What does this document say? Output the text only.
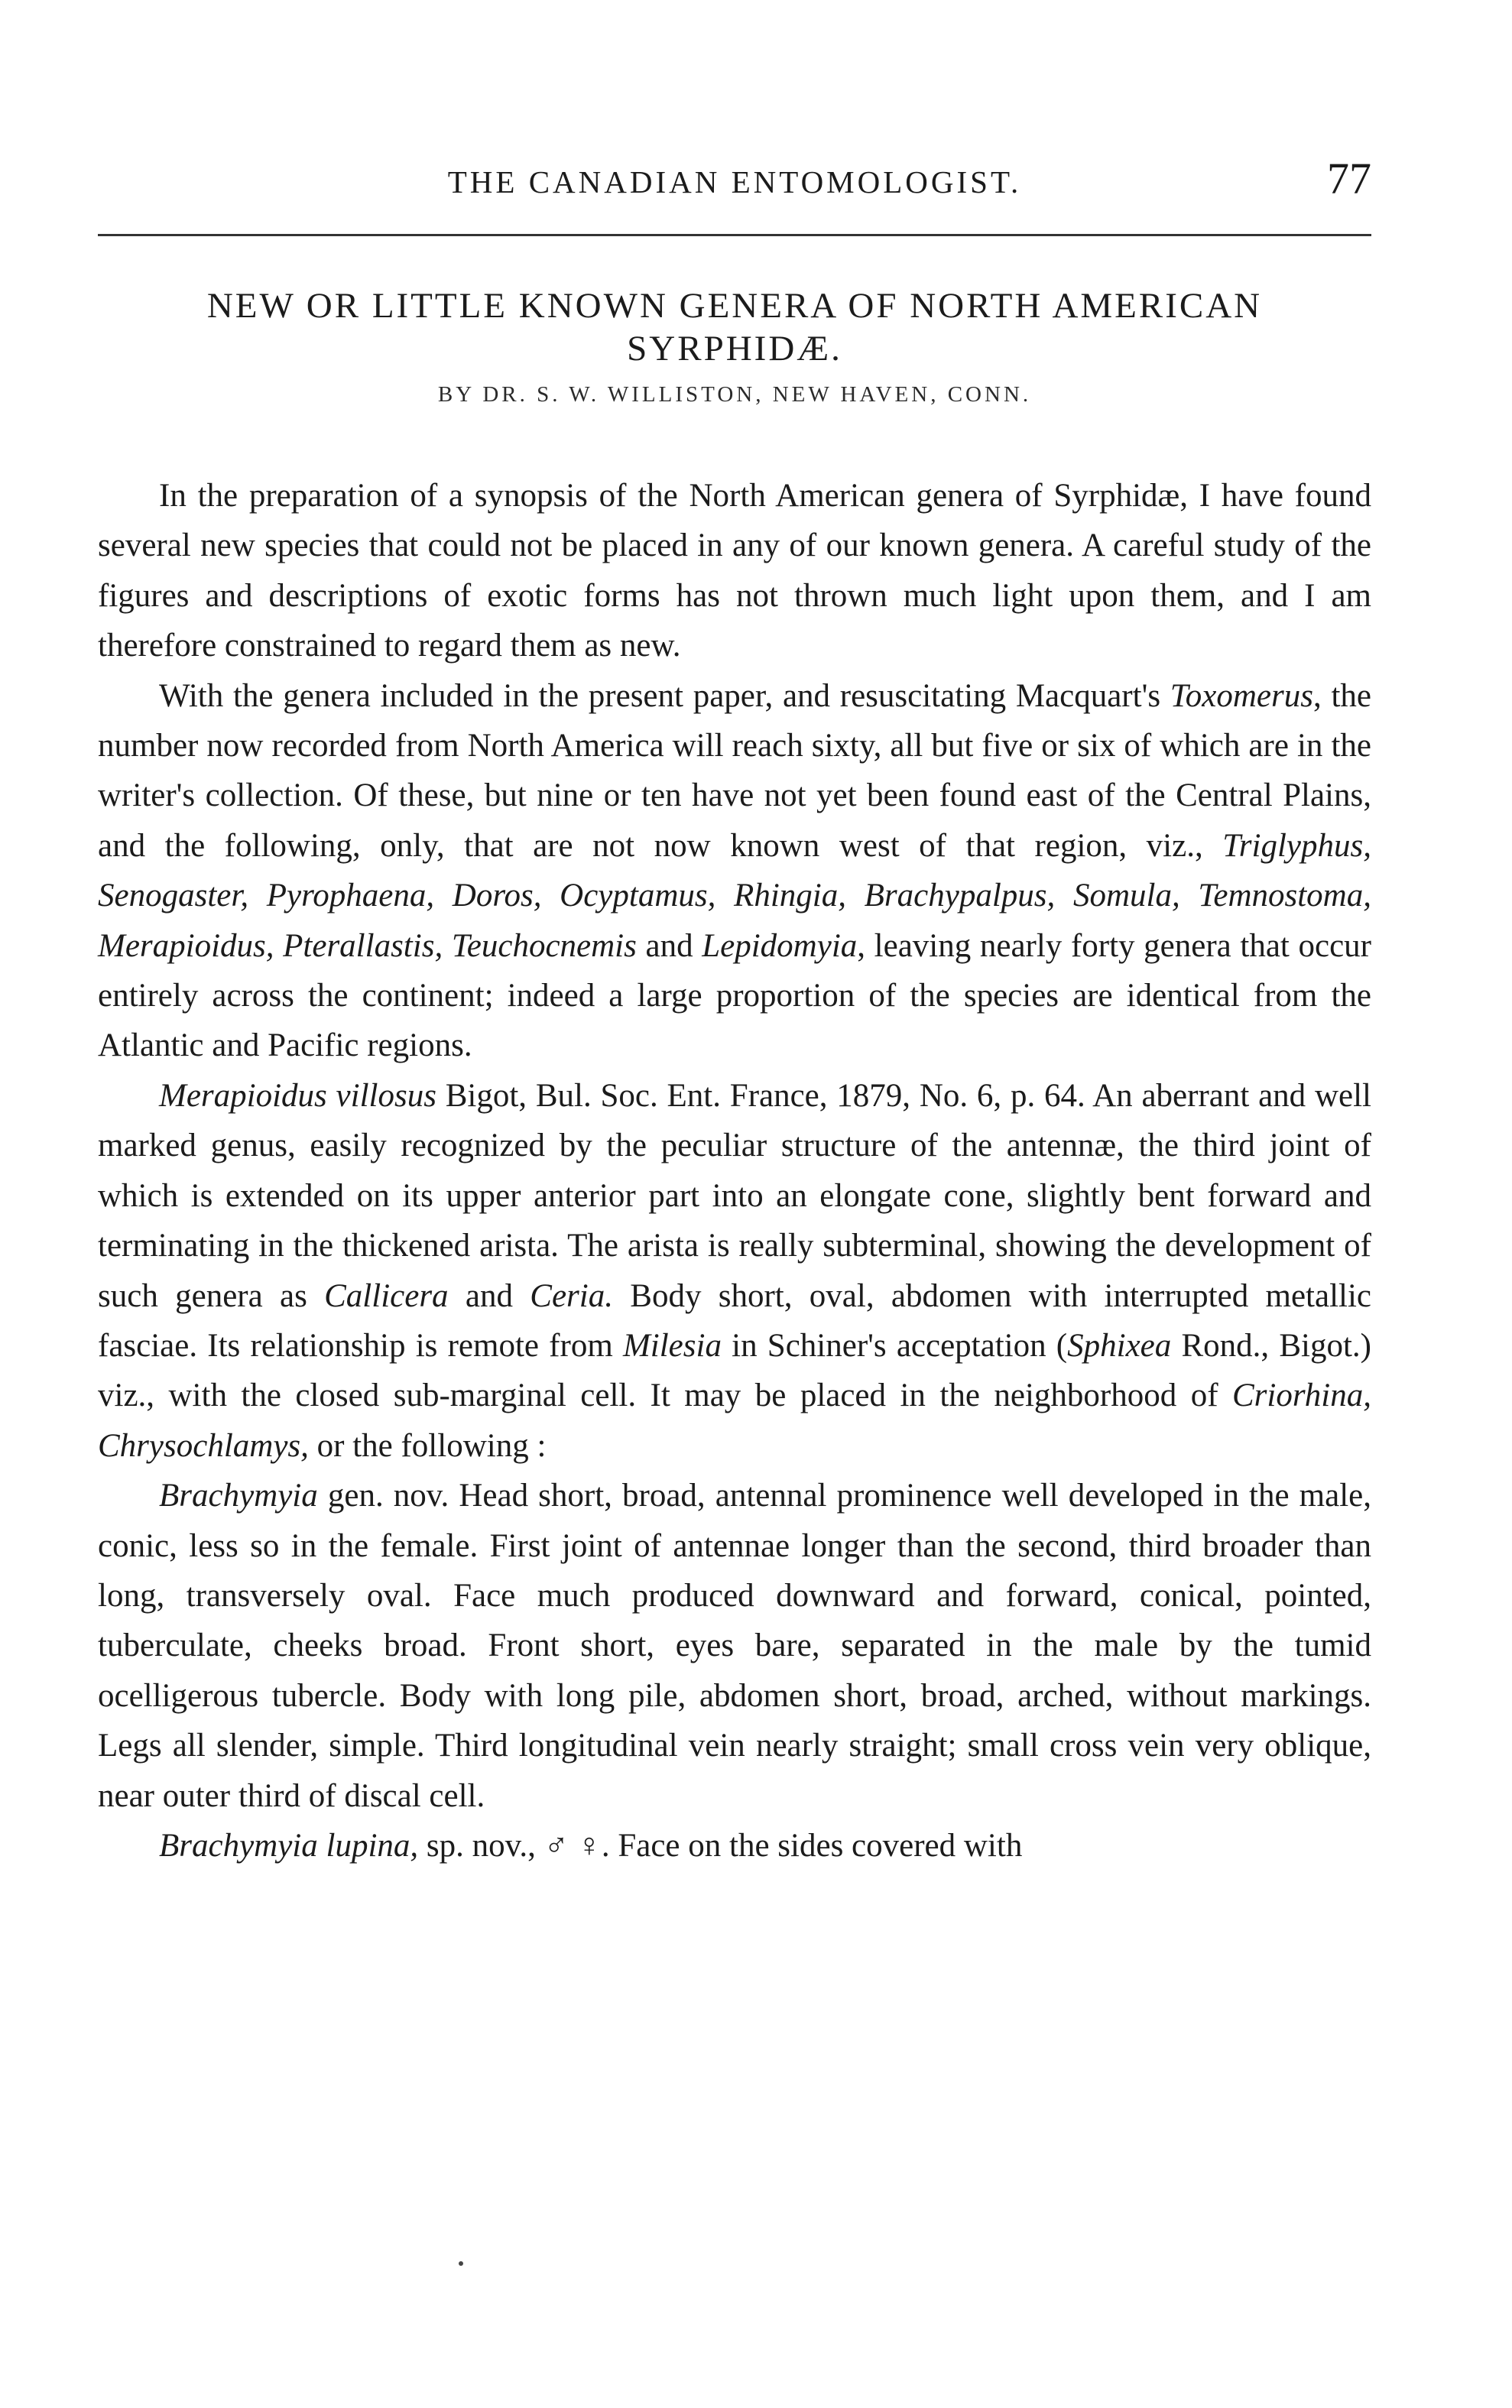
THE CANADIAN ENTOMOLOGIST.	77
NEW OR LITTLE KNOWN GENERA OF NORTH AMERICAN
SYRPHIDÆ.
BY DR. S. W. WILLISTON, NEW HAVEN, CONN.

In the preparation of a synopsis of the North American genera of Syrphidæ, I have found several new species that could not be placed in any of our known genera. A careful study of the figures and descriptions of exotic forms has not thrown much light upon them, and I am therefore constrained to regard them as new.

With the genera included in the present paper, and resuscitating Macquart's Toxomerus, the number now recorded from North America will reach sixty, all but five or six of which are in the writer's collection. Of these, but nine or ten have not yet been found east of the Central Plains, and the following, only, that are not now known west of that region, viz., Triglyphus, Senogaster, Pyrophaena, Doros, Ocyptamus, Rhingia, Brachypalpus, Somula, Temnostoma, Merapioidus, Pterallastis, Teuchocnemis and Lepidomyia, leaving nearly forty genera that occur entirely across the continent; indeed a large proportion of the species are identical from the Atlantic and Pacific regions.

Merapioidus villosus Bigot, Bul. Soc. Ent. France, 1879, No. 6, p. 64. An aberrant and well marked genus, easily recognized by the peculiar structure of the antennæ, the third joint of which is extended on its upper anterior part into an elongate cone, slightly bent forward and terminating in the thickened arista. The arista is really subterminal, showing the development of such genera as Callicera and Ceria. Body short, oval, abdomen with interrupted metallic fasciae. Its relationship is remote from Milesia in Schiner's acceptation (Sphixea Rond., Bigot.) viz., with the closed sub-marginal cell. It may be placed in the neighborhood of Criorhina, Chrysochlamys, or the following :

Brachymyia gen. nov. Head short, broad, antennal prominence well developed in the male, conic, less so in the female. First joint of antennae longer than the second, third broader than long, transversely oval. Face much produced downward and forward, conical, pointed, tuberculate, cheeks broad. Front short, eyes bare, separated in the male by the tumid ocelligerous tubercle. Body with long pile, abdomen short, broad, arched, without markings. Legs all slender, simple. Third longitudinal vein nearly straight; small cross vein very oblique, near outer third of discal cell.

Brachymyia lupina, sp. nov., ♂ ♀. Face on the sides covered with
